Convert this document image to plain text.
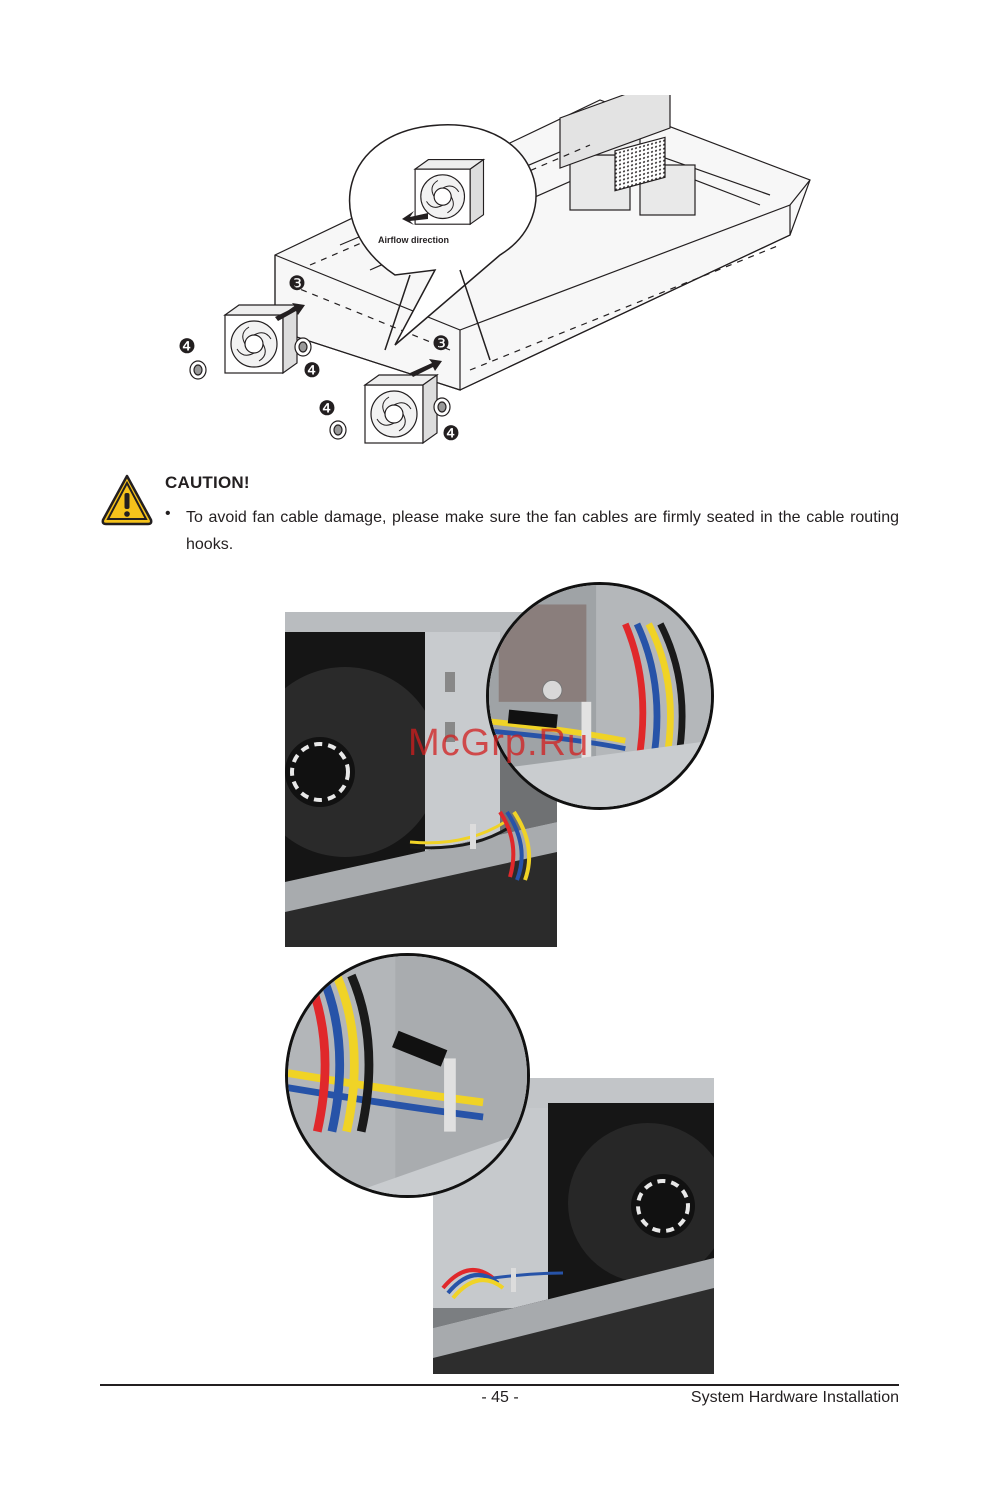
Airflow direction
❸
❸
❹
❹
❹
❹
CAUTION!
• To avoid fan cable damage, please make sure the fan cables are firmly seated in the cable routing hooks.
McGrp.Ru
- 45 -	System Hardware Installation
